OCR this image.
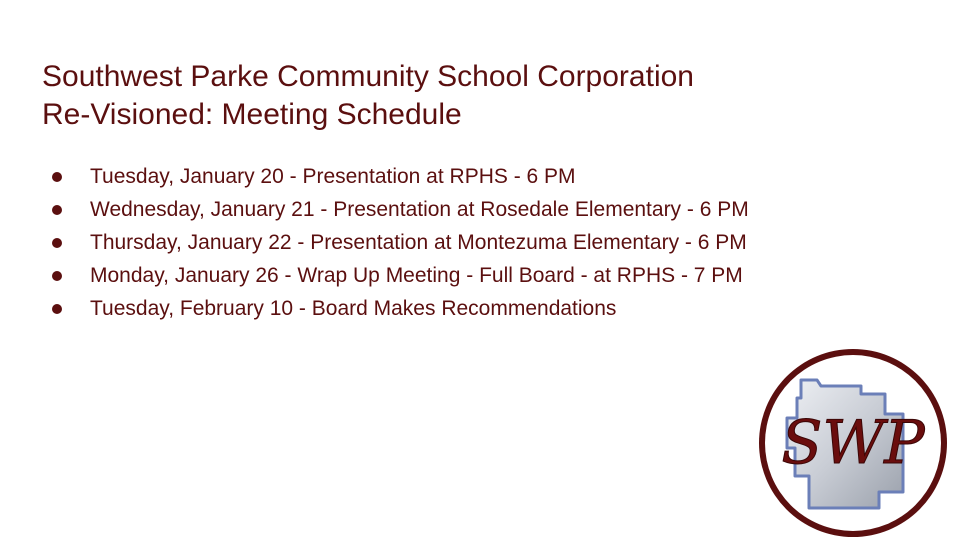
Southwest Parke Community School Corporation
Re-Visioned: Meeting Schedule
Tuesday, January 20 - Presentation at RPHS - 6 PM
Wednesday, January 21 - Presentation at Rosedale Elementary - 6 PM
Thursday, January 22 - Presentation at Montezuma Elementary - 6 PM
Monday, January 26 - Wrap Up Meeting - Full Board - at RPHS - 7 PM
Tuesday, February 10 - Board Makes Recommendations
SWP
